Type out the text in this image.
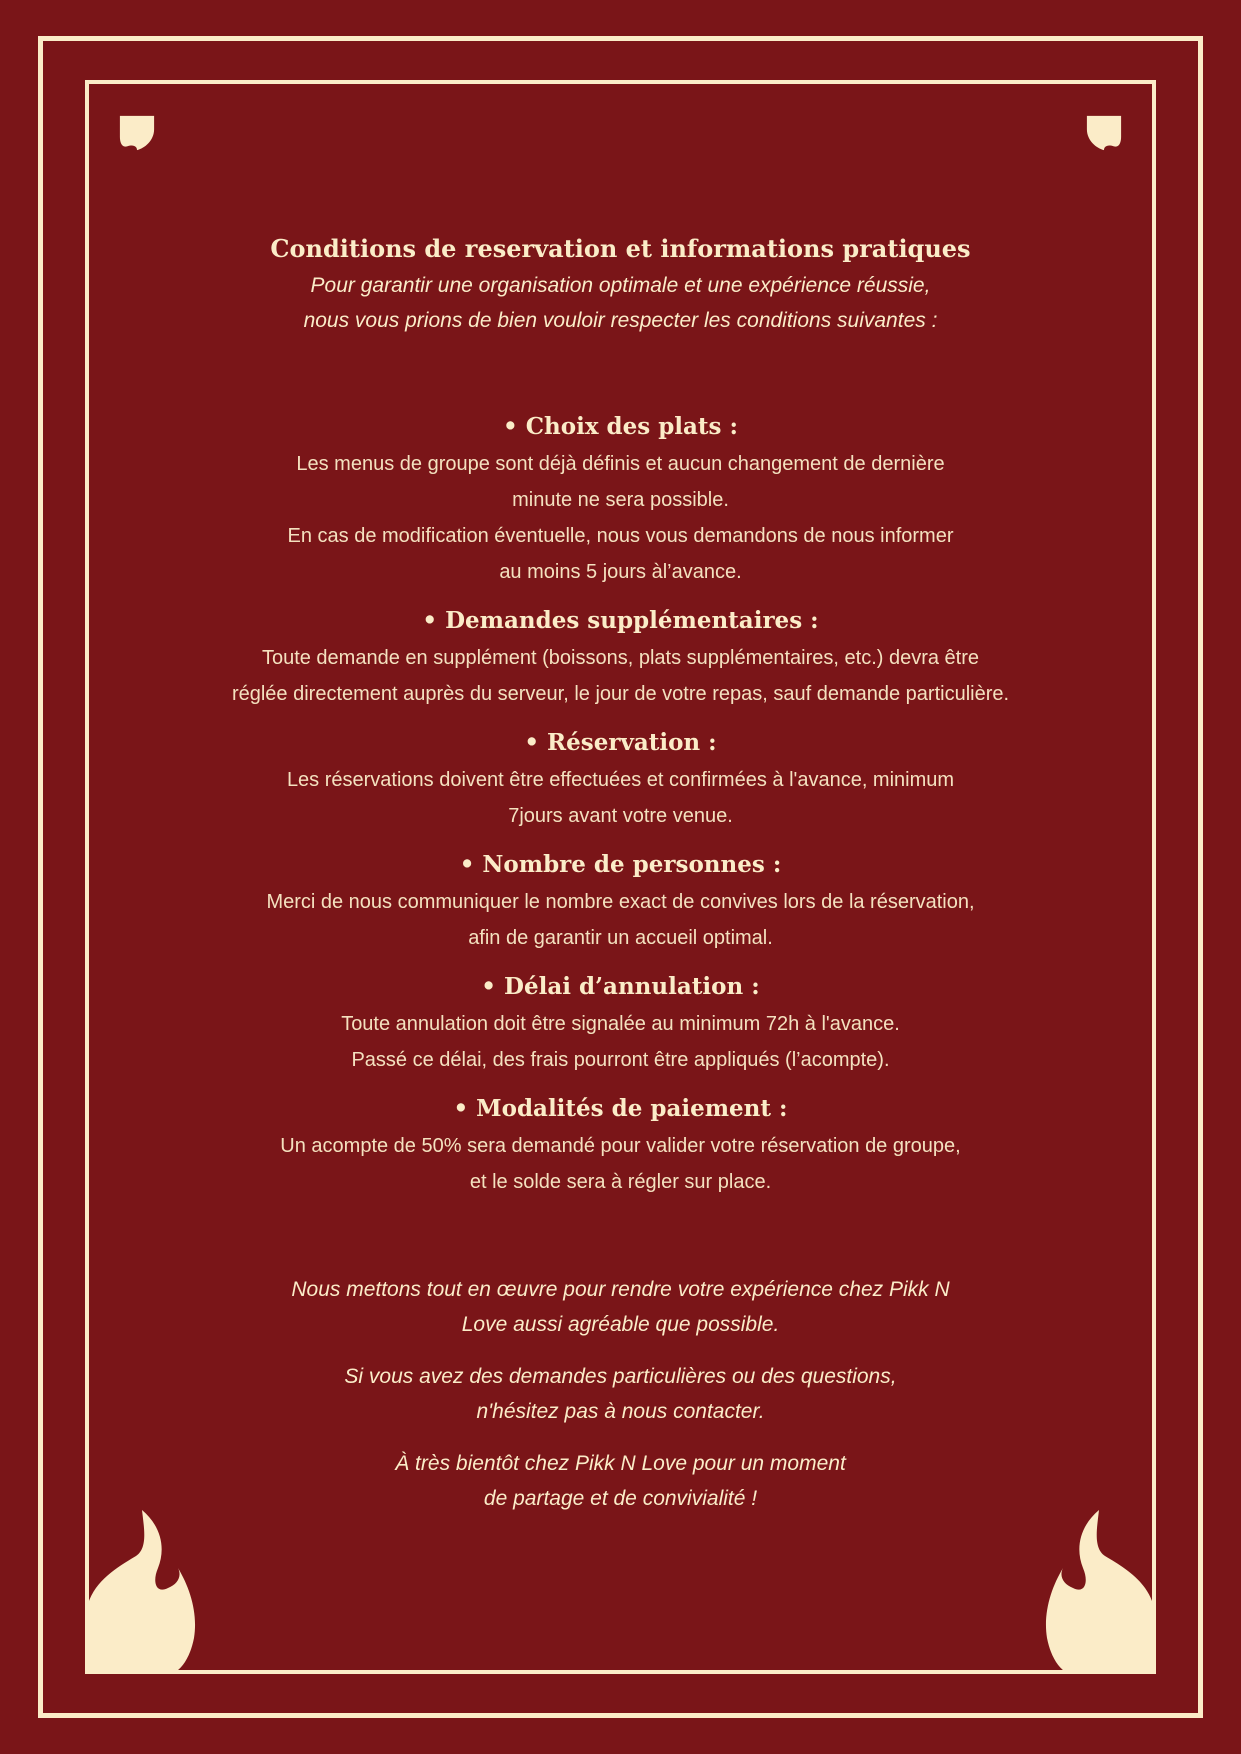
Conditions de reservation et informations pratiques

Pour garantir une organisation optimale et une expérience réussie,
nous vous prions de bien vouloir respecter les conditions suivantes :

• Choix des plats :

Les menus de groupe sont déjà définis et aucun changement de dernière
minute ne sera possible.
En cas de modification éventuelle, nous vous demandons de nous informer
au moins 5 jours àl’avance.

• Demandes supplémentaires :

Toute demande en supplément (boissons, plats supplémentaires, etc.) devra être
réglée directement auprès du serveur, le jour de votre repas, sauf demande particulière.

• Réservation :

Les réservations doivent être effectuées et confirmées à l'avance, minimum
7jours avant votre venue.

• Nombre de personnes :

Merci de nous communiquer le nombre exact de convives lors de la réservation,
afin de garantir un accueil optimal.

• Délai d’annulation :

Toute annulation doit être signalée au minimum 72h à l'avance.
Passé ce délai, des frais pourront être appliqués (l’acompte).

• Modalités de paiement :

Un acompte de 50% sera demandé pour valider votre réservation de groupe,
et le solde sera à régler sur place.

Nous mettons tout en œuvre pour rendre votre expérience chez Pikk N
Love aussi agréable que possible.

Si vous avez des demandes particulières ou des questions,
n'hésitez pas à nous contacter.

À très bientôt chez Pikk N Love pour un moment
de partage et de convivialité !
